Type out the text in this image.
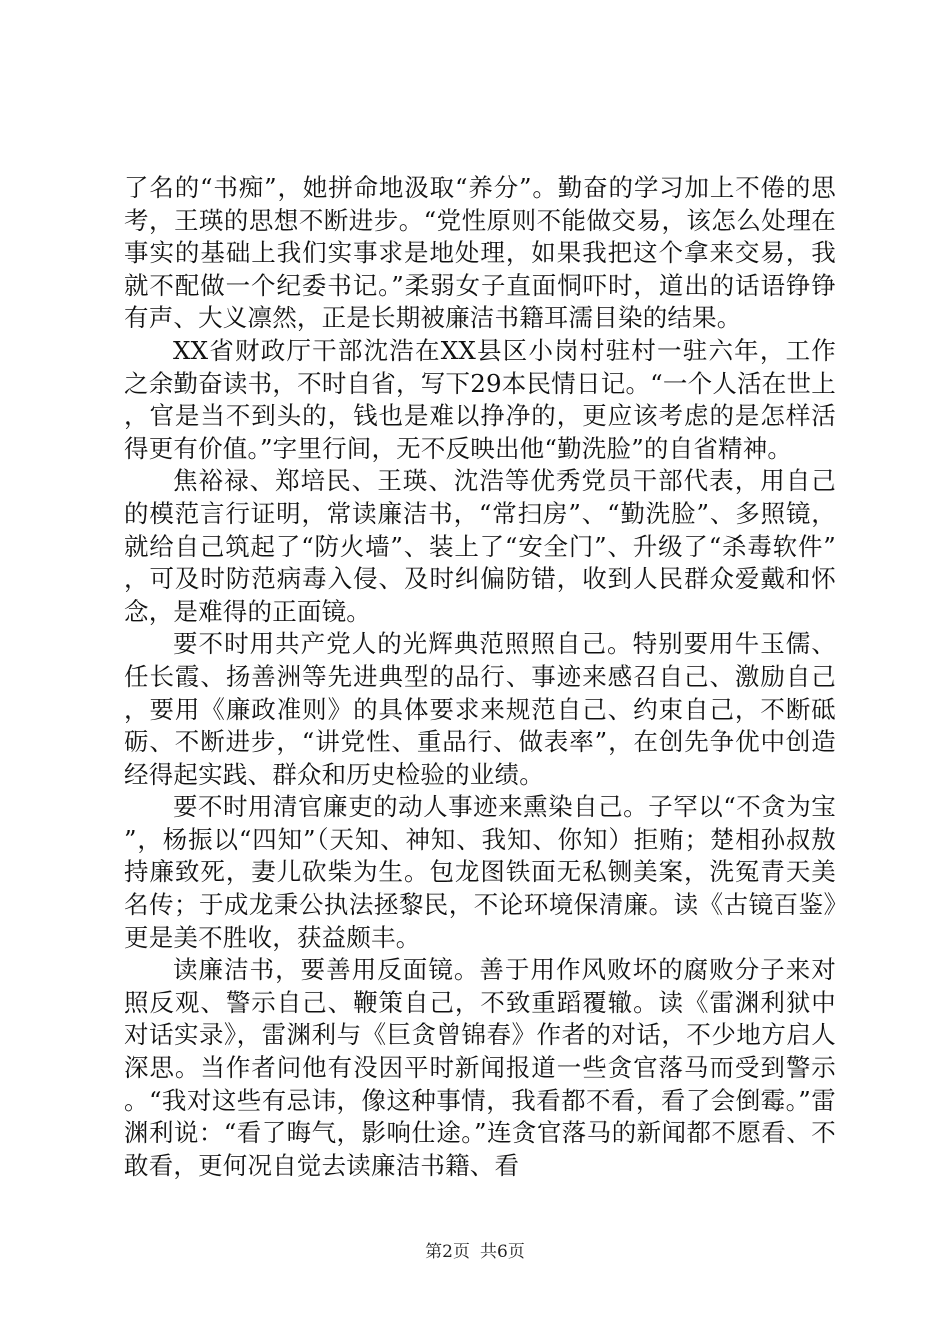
了名的“书痴”，她拼命地汲取“养分”。勤奋的学习加上不倦的思考，王瑛的思想不断进步。“党性原则不能做交易，该怎么处理在事实的基础上我们实事求是地处理，如果我把这个拿来交易，我就不配做一个纪委书记。”柔弱女子直面恫吓时，道出的话语铮铮有声、大义凛然，正是长期被廉洁书籍耳濡目染的结果。

XX省财政厅干部沈浩在XX县区小岗村驻村一驻六年，工作之余勤奋读书，不时自省，写下29本民情日记。“一个人活在世上，官是当不到头的，钱也是难以挣净的，更应该考虑的是怎样活得更有价值。”字里行间，无不反映出他“勤洗脸”的自省精神。

焦裕禄、郑培民、王瑛、沈浩等优秀党员干部代表，用自己的模范言行证明，常读廉洁书，“常扫房”、“勤洗脸”、多照镜，就给自己筑起了“防火墙”、装上了“安全门”、升级了“杀毒软件”，可及时防范病毒入侵、及时纠偏防错，收到人民群众爱戴和怀念，是难得的正面镜。

要不时用共产党人的光辉典范照照自己。特别要用牛玉儒、任长霞、扬善洲等先进典型的品行、事迹来感召自己、激励自己，要用《廉政准则》的具体要求来规范自己、约束自己，不断砥砺、不断进步，“讲党性、重品行、做表率”，在创先争优中创造经得起实践、群众和历史检验的业绩。

要不时用清官廉吏的动人事迹来熏染自己。子罕以“不贪为宝”，杨振以“四知”（天知、神知、我知、你知）拒贿；楚相孙叔敖持廉致死，妻儿砍柴为生。包龙图铁面无私铡美案，洗冤青天美名传；于成龙秉公执法拯黎民，不论环境保清廉。读《古镜百鉴》更是美不胜收，获益颇丰。

读廉洁书，要善用反面镜。善于用作风败坏的腐败分子来对照反观、警示自己、鞭策自己，不致重蹈覆辙。读《雷渊利狱中对话实录》，雷渊利与《巨贪曾锦春》作者的对话，不少地方启人深思。当作者问他有没因平时新闻报道一些贪官落马而受到警示。“我对这些有忌讳，像这种事情，我看都不看，看了会倒霉。”雷渊利说：“看了晦气，影响仕途。”连贪官落马的新闻都不愿看、不敢看，更何况自觉去读廉洁书籍、看

第2页 共6页
